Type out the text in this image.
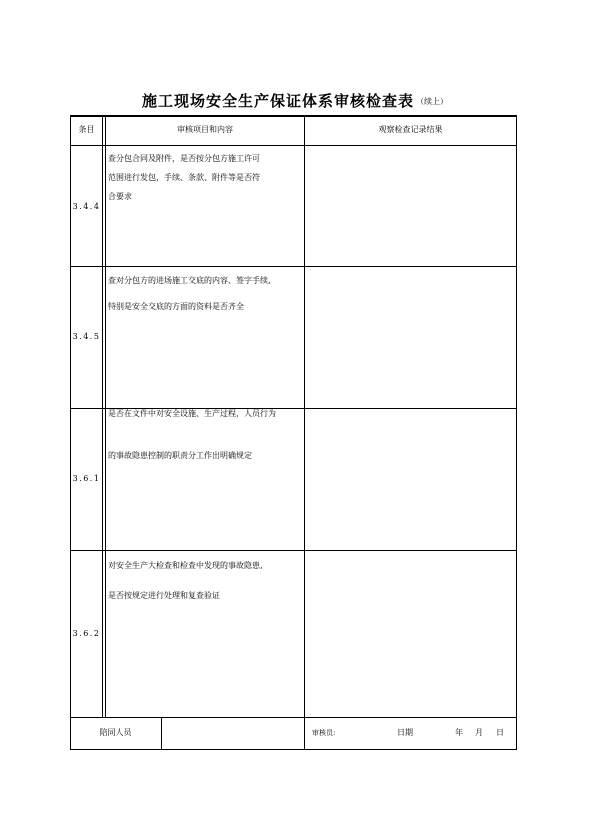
施工现场安全生产保证体系审核检查表 （续上）
条目	审核项目和内容	观察检查记录结果
3.4.4
查分包合同及附件，是否按分包方施工许可
范围进行发包，手续、条款、附件等是否符
合要求
3.4.5
查对分包方的进场施工交底的内容、签字手续,
特别是安全交底的方面的资料是否齐全
3.6.1
是否在文件中对安全设施、生产过程，人员行为
的事故隐患控制的职责分工作出明确规定
3.6.2
对安全生产大检查和检查中发现的事故隐患,
是否按规定进行处理和复查验证
陪同人员	审核员:	日期	年 月 日
